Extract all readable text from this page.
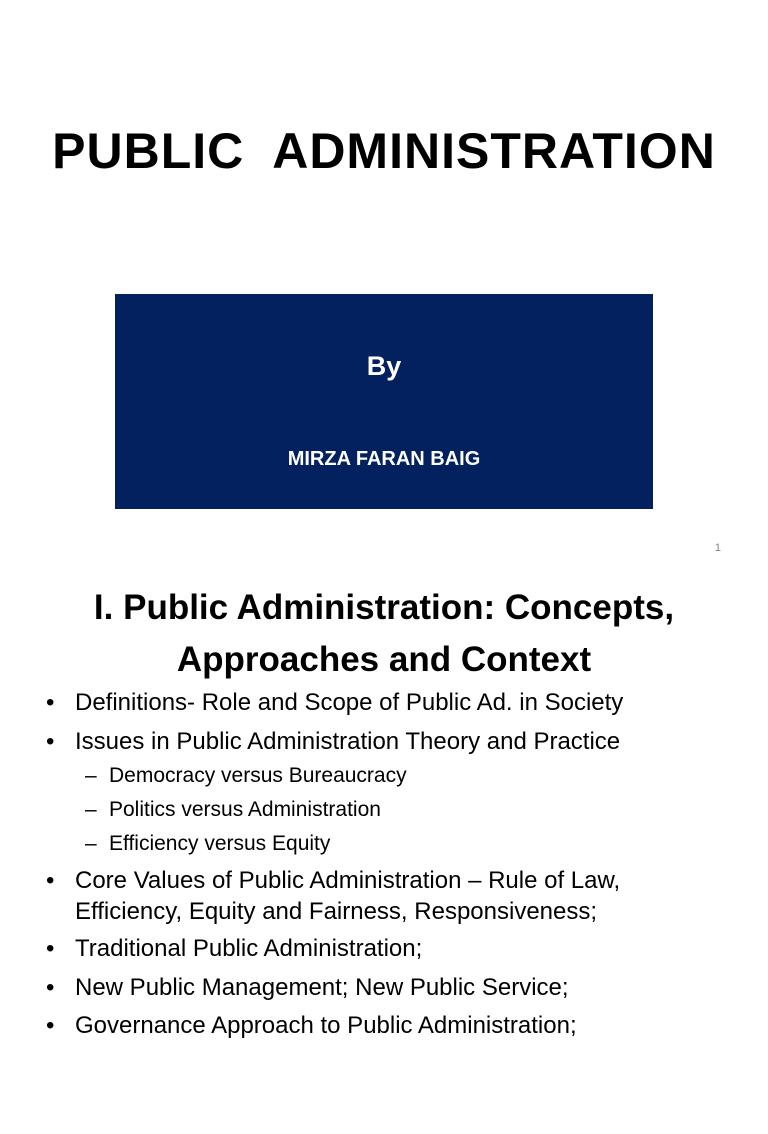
PUBLIC  ADMINISTRATION
By
MIRZA FARAN BAIG
1
I. Public Administration: Concepts,
Approaches and Context

•

Definitions- Role and Scope of Public Ad. in Society

•

Issues in Public Administration Theory and Practice

–

Democracy versus Bureaucracy

–

Politics versus Administration

–

Efficiency versus Equity

•

Core Values of Public Administration – Rule of Law,

Efficiency, Equity and Fairness, Responsiveness;

•

Traditional Public Administration;

•

New Public Management; New Public Service;

•

Governance Approach to Public Administration;
